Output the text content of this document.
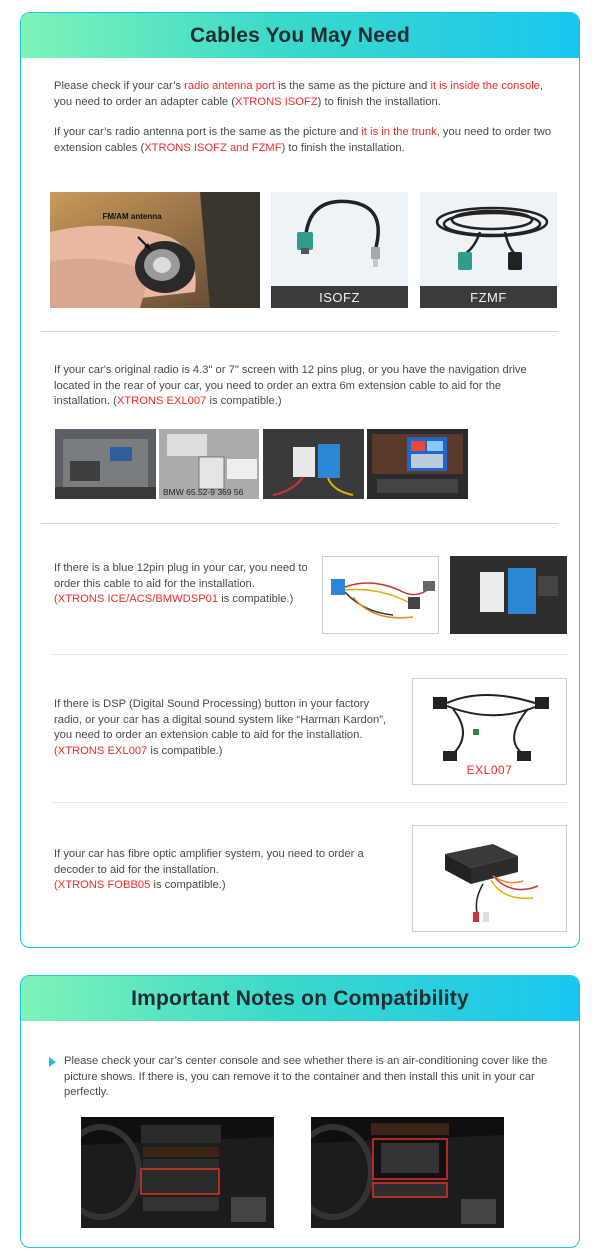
Cables You May Need

Please check if your car’s radio antenna port is the same as the picture and it is inside the console, you need to order an adapter cable (XTRONS ISOFZ) to finish the installation.

If your car’s radio antenna port is the same as the picture and it is in the trunk, you need to order two extension cables (XTRONS ISOFZ and FZMF) to finish the installation.

FM/AM antenna
ISOFZ	FZMF

If your car's original radio is 4.3" or 7" screen with 12 pins plug, or you have the navigation drive located in the rear of your car, you need to order an extra 6m extension cable to aid for the installation. (XTRONS EXL007 is compatible.)

BMW 65.52-9 369 56

If there is a blue 12pin plug in your car, you need to order this cable to aid for the installation.
(XTRONS ICE/ACS/BMWDSP01 is compatible.)

If there is DSP (Digital Sound Processing) button in your factory radio, or your car has a digital sound system like “Harman Kardon”, you need to order an extension cable to aid for the installation.
(XTRONS EXL007 is compatible.)

EXL007

If your car has fibre optic amplifier system, you need to order a decoder to aid for the installation.
(XTRONS FOBB05 is compatible.)

Important Notes on Compatibility

Please check your car’s center console and see whether there is an air-conditioning cover like the picture shows. If there is, you can remove it to the container and then install this unit in your car perfectly.
